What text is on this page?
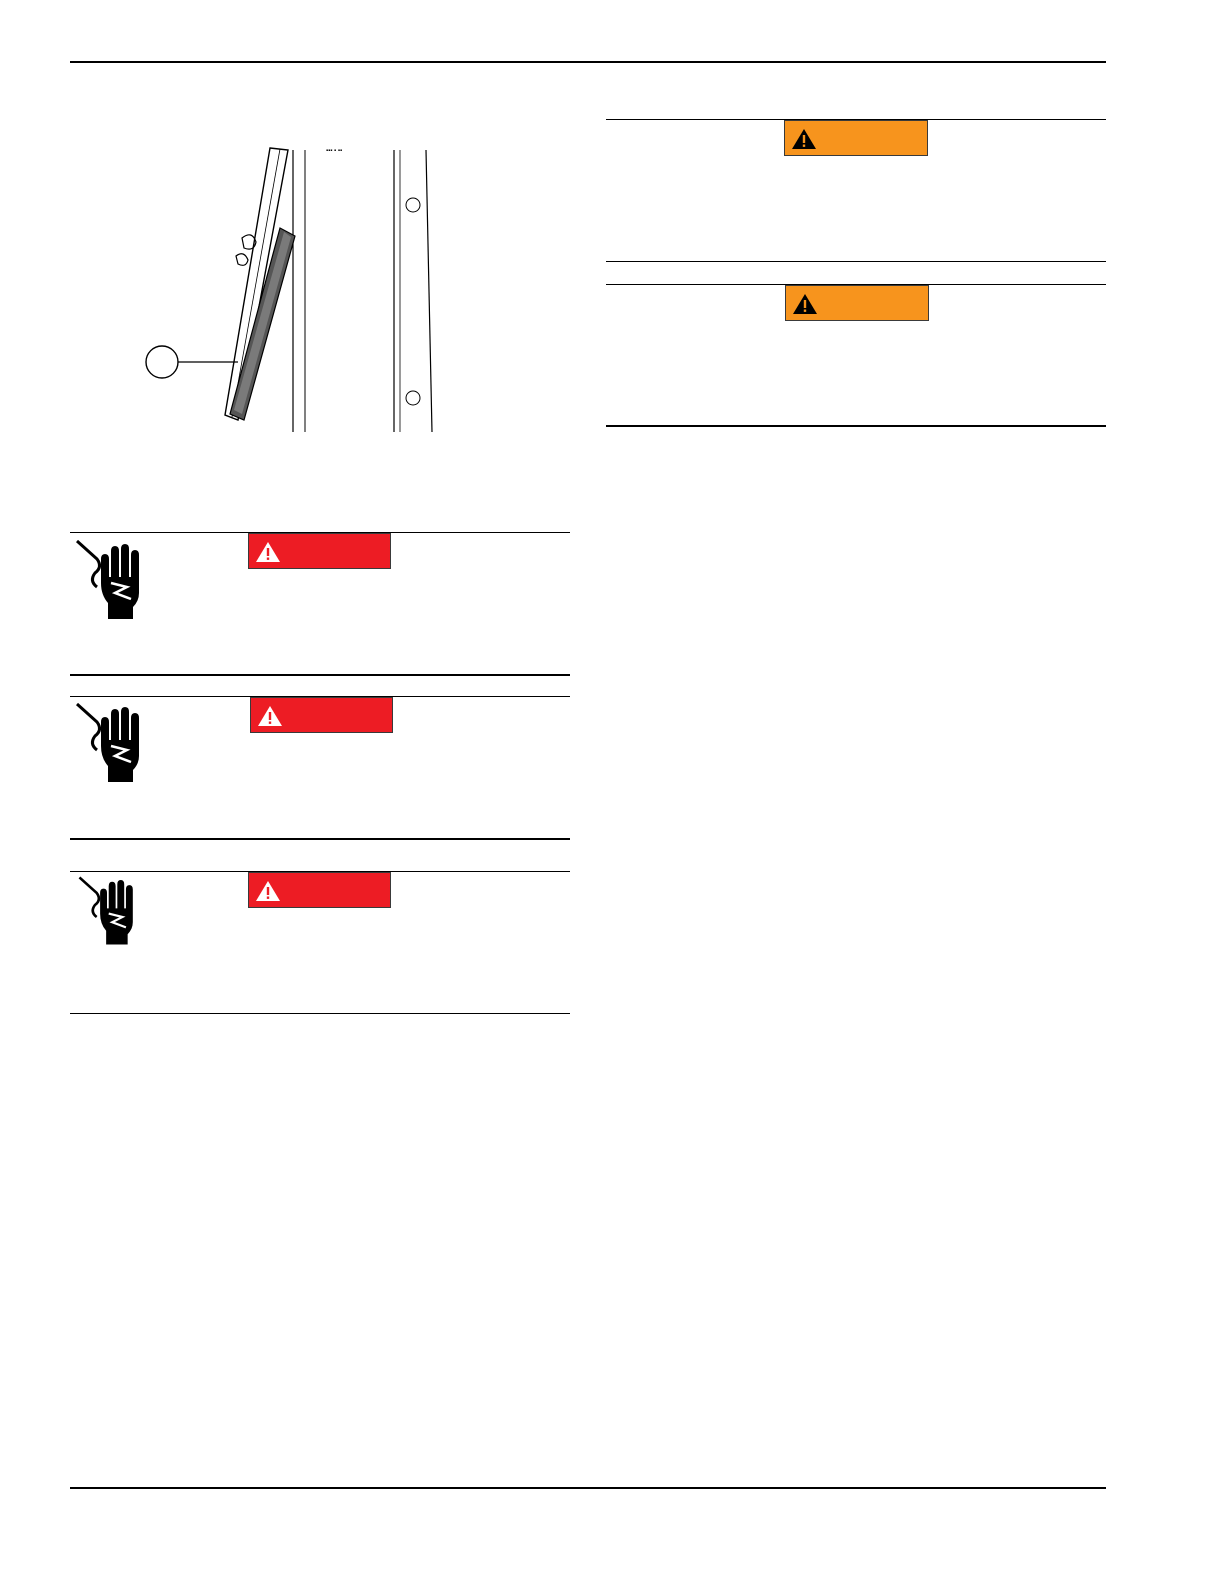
▪▪▪ ▪ ▪▪
